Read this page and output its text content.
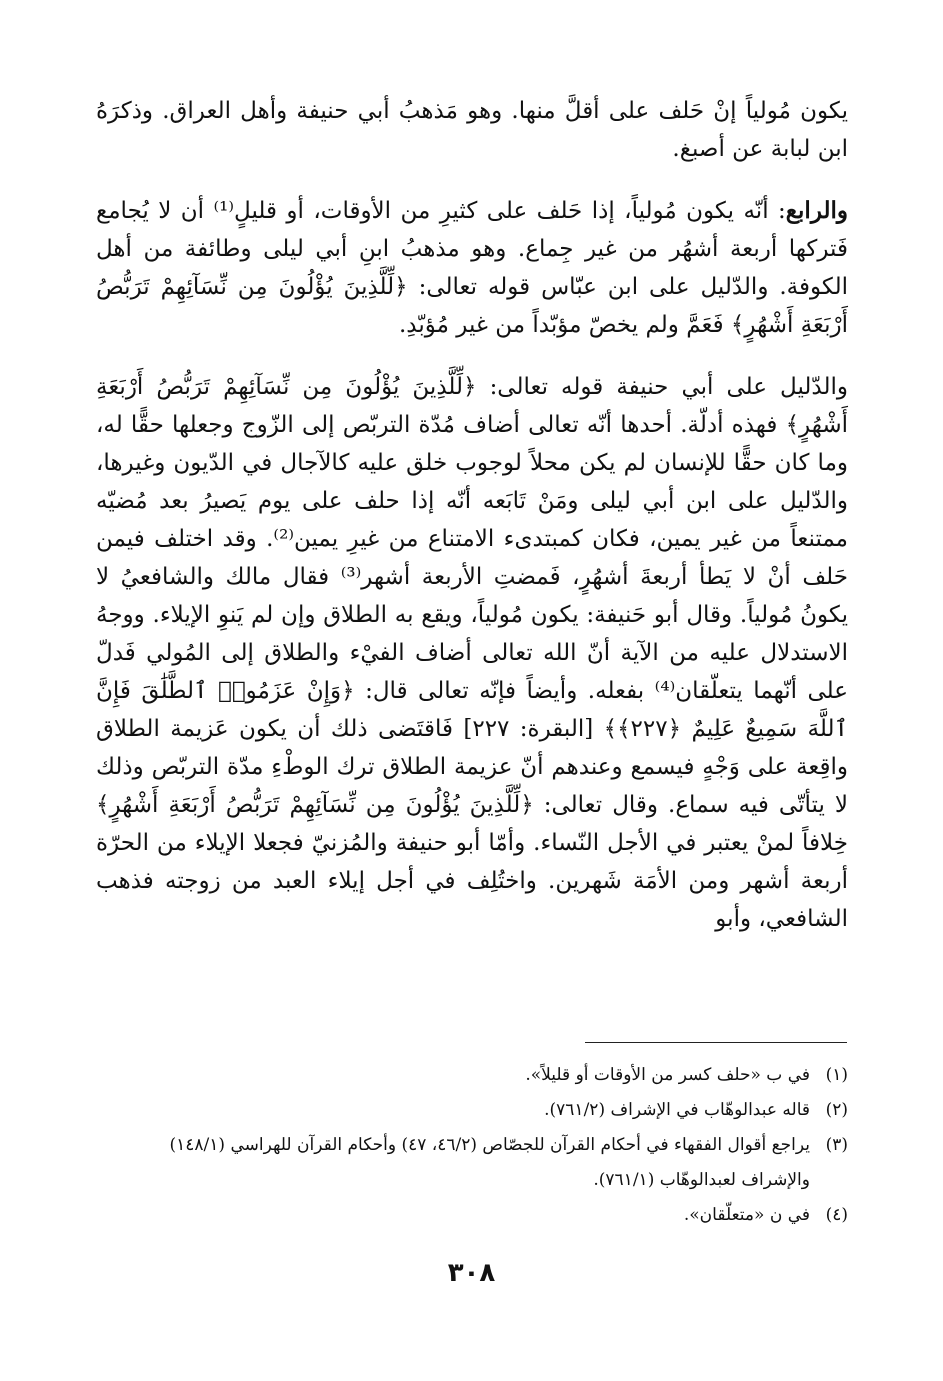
يكون مُولياً إنْ حَلف على أقلَّ منها. وهو مَذهبُ أبي حنيفة وأهل العراق. وذكرَهُ ابن لبابة عن أصبغ.

والرابع: أنّه يكون مُولياً، إذا حَلف على كثيرِ من الأوقات، أو قليلٍ⁽¹⁾ أن لا يُجامع فَتركها أربعة أشهُر من غير جِماع. وهو مذهبُ ابنِ أبي ليلى وطائفة من أهل الكوفة. والدّليل على ابن عبّاس قوله تعالى: ﴿لِّلَّذِينَ يُؤْلُونَ مِن نِّسَآئِهِمْ تَرَبُّصُ أَرْبَعَةِ أَشْهُرٍ﴾ فَعَمَّ ولم يخصّ مؤبّداً من غير مُؤبّدِ.

والدّليل على أبي حنيفة قوله تعالى: ﴿لِّلَّذِينَ يُؤْلُونَ مِن نِّسَآئِهِمْ تَرَبُّصُ أَرْبَعَةِ أَشْهُرٍ﴾ فهذه أدلّة. أحدها أنّه تعالى أضاف مُدّة التربّص إلى الزّوج وجعلها حقًّا له، وما كان حقًّا للإنسان لم يكن محلاً لوجوب خلق عليه كالآجال في الدّيون وغيرها، والدّليل على ابن أبي ليلى ومَنْ تَابَعه أنّه إذا حلف على يوم يَصيرُ بعد مُضيّه ممتنعاً من غير يمين، فكان كمبتدىء الامتناع من غيرِ يمين⁽²⁾. وقد اختلف فيمن حَلف أنْ لا يَطأ أربعةَ أشهُرٍ، فَمضتِ الأربعة أشهر⁽³⁾ فقال مالك والشافعيُ لا يكونُ مُولياً. وقال أبو حَنيفة: يكون مُولياً، ويقع به الطلاق وإن لم يَنوِ الإيلاء. ووجهُ الاستدلال عليه من الآية أنّ الله تعالى أضاف الفيْء والطلاق إلى المُولي فَدلّ على أنّهما يتعلّقان⁽⁴⁾ بفعله. وأيضاً فإنّه تعالى قال: ﴿وَإِنْ عَزَمُوا۟ ٱلطَّلَٰقَ فَإِنَّ ٱللَّهَ سَمِيعٌ عَلِيمٌ ﴿٢٢٧﴾﴾ [البقرة: ٢٢٧] فَاقتَضى ذلك أن يكون عَزيمة الطلاق واقِعة على وَجْهٍ فيسمع وعندهم أنّ عزيمة الطلاق ترك الوطْءِ مدّة التربّص وذلك لا يتأتّى فيه سماع. وقال تعالى: ﴿لِّلَّذِينَ يُؤْلُونَ مِن نِّسَآئِهِمْ تَرَبُّصُ أَرْبَعَةِ أَشْهُرٍ﴾ خِلافاً لمنْ يعتبر في الأجل النّساء. وأمّا أبو حنيفة والمُزنيّ فجعلا الإيلاء من الحرّة أربعة أشهر ومن الأمَة شَهرين. واختُلِف في أجل إيلاء العبد من زوجته فذهب الشافعي، وأبو

(١)
في ب «حلف كسر من الأوقات أو قليلاً».
(٢)
قاله عبدالوهّاب في الإشراف (٧٦١/٢).
(٣)
يراجع أقوال الفقهاء في أحكام القرآن للجصّاص (٤٦/٢، ٤٧) وأحكام القرآن للهراسي (١٤٨/١) والإشراف لعبدالوهّاب (٧٦١/١).
(٤)
في ن «متعلّقان».
٣٠٨
